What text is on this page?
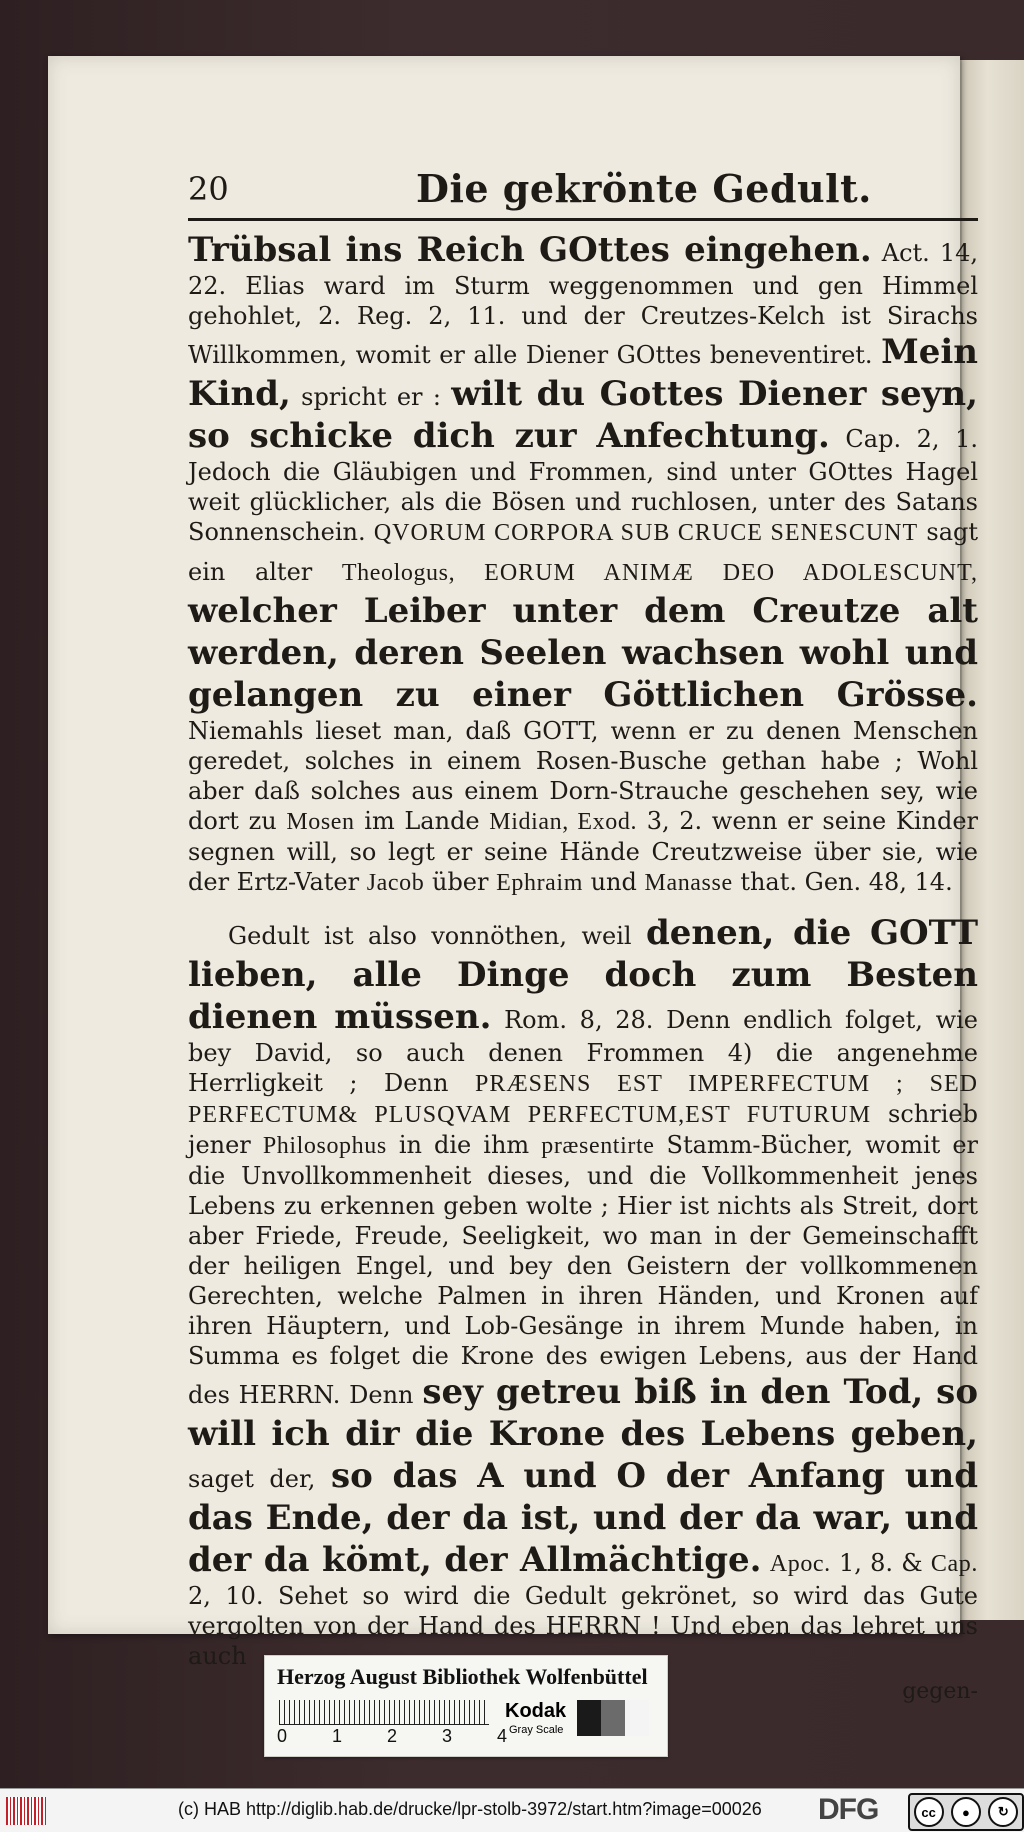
20	Die gekrönte Gedult.

Trübsal ins Reich GOttes eingehen. Act. 14, 22. Elias ward im Sturm weggenommen und gen Himmel gehohlet, 2. Reg. 2, 11. und der Creutzes-Kelch ist Sirachs Willkommen, womit er alle Diener GOttes beneventiret. Mein Kind, spricht er : wilt du Gottes Diener seyn, so schicke dich zur Anfechtung. Cap. 2, 1. Jedoch die Gläubigen und Frommen, sind unter GOttes Hagel weit glücklicher, als die Bösen und ruchlosen, unter des Satans Sonnenschein. QVORUM CORPORA SUB CRUCE SENESCUNT sagt ein alter Theologus, EORUM ANIMÆ DEO ADOLESCUNT, welcher Leiber unter dem Creutze alt werden, deren Seelen wachsen wohl und gelangen zu einer Göttlichen Grösse. Niemahls lieset man, daß GOTT, wenn er zu denen Menschen geredet, solches in einem Rosen-Busche gethan habe ; Wohl aber daß solches aus einem Dorn-Strauche geschehen sey, wie dort zu Mosen im Lande Midian, Exod. 3, 2. wenn er seine Kinder segnen will, so legt er seine Hände Creutzweise über sie, wie der Ertz-Vater Jacob über Ephraim und Manasse that. Gen. 48, 14.

Gedult ist also vonnöthen, weil denen, die GOTT lieben, alle Dinge doch zum Besten dienen müssen. Rom. 8, 28. Denn endlich folget, wie bey David, so auch denen Frommen 4) die angenehme Herrligkeit ; Denn PRÆSENS EST IMPERFECTUM ; SED PERFECTUM& PLUSQVAM PERFECTUM,EST FUTURUM schrieb jener Philosophus in die ihm præsentirte Stamm-Bücher, womit er die Unvollkommenheit dieses, und die Vollkommenheit jenes Lebens zu erkennen geben wolte ; Hier ist nichts als Streit, dort aber Friede, Freude, Seeligkeit, wo man in der Gemeinschafft der heiligen Engel, und bey den Geistern der vollkommenen Gerechten, welche Palmen in ihren Händen, und Kronen auf ihren Häuptern, und Lob-Gesänge in ihrem Munde haben, in Summa es folget die Krone des ewigen Lebens, aus der Hand des HERRN. Denn sey getreu biß in den Tod, so will ich dir die Krone des Lebens geben, saget der, so das A und O der Anfang und das Ende, der da ist, und der da war, und der da kömt, der Allmächtige. Apoc. 1, 8. & Cap. 2, 10. Sehet so wird die Gedult gekrönet, so wird das Gute vergolten von der Hand des HERRN ! Und eben das lehret uns auch

gegen-
Herzog August Bibliothek Wolfenbüttel
0 1 2 3 4
Kodak
Gray Scale
(c) HAB http://diglib.hab.de/drucke/lpr-stolb-3972/start.htm?image=00026 DFG	cc	●	↻
